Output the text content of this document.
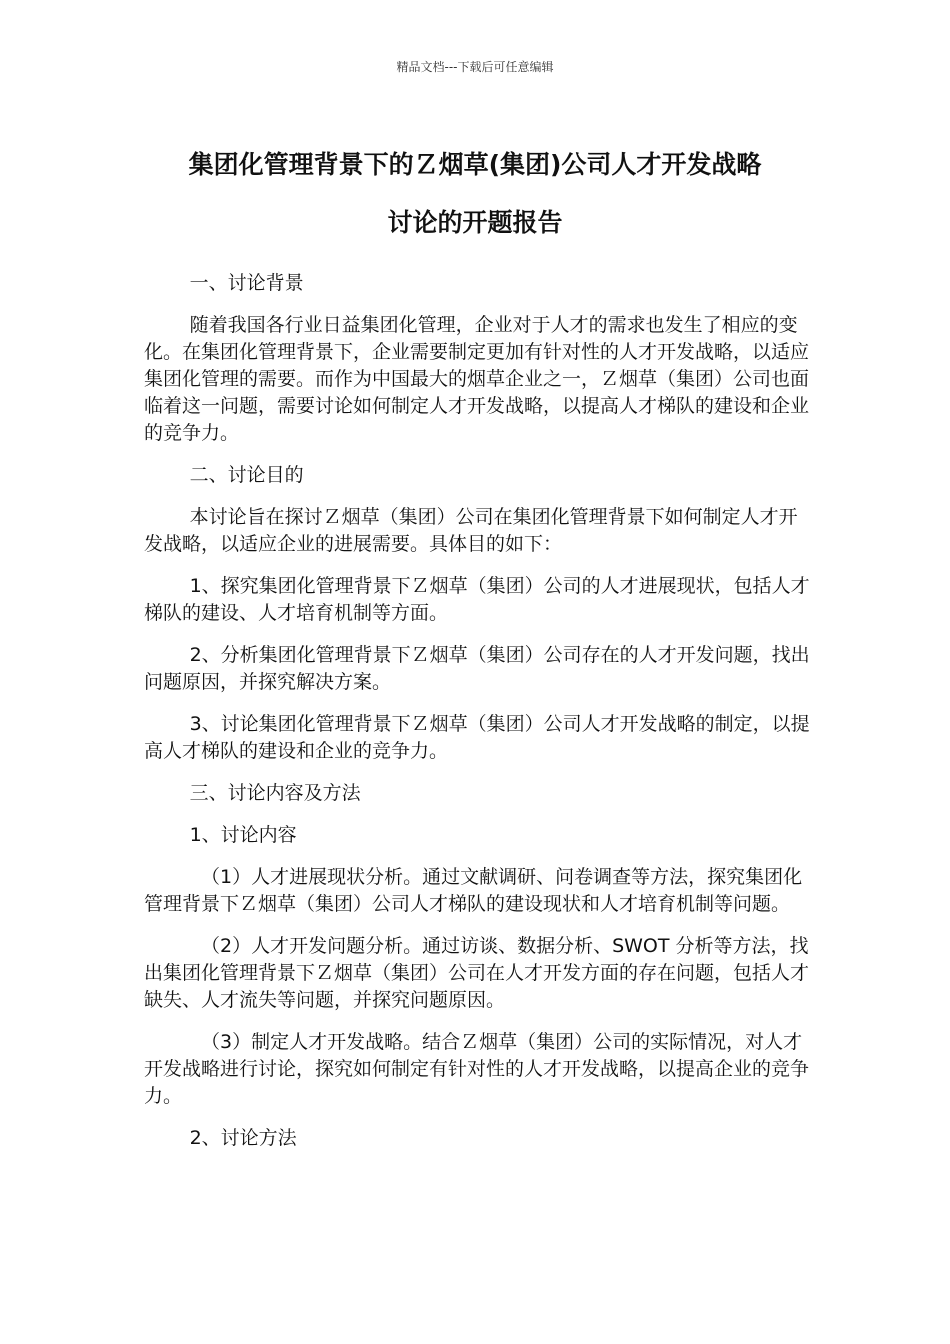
精品文档---下载后可任意编辑
集团化管理背景下的Ｚ烟草(集团)公司人才开发战略
讨论的开题报告

一、讨论背景

随着我国各行业日益集团化管理，企业对于人才的需求也发生了相应的变化。在集团化管理背景下，企业需要制定更加有针对性的人才开发战略，以适应集团化管理的需要。而作为中国最大的烟草企业之一，Ｚ烟草（集团）公司也面临着这一问题，需要讨论如何制定人才开发战略，以提高人才梯队的建设和企业的竞争力。

二、讨论目的

本讨论旨在探讨Ｚ烟草（集团）公司在集团化管理背景下如何制定人才开发战略，以适应企业的进展需要。具体目的如下：

1、探究集团化管理背景下Ｚ烟草（集团）公司的人才进展现状，包括人才梯队的建设、人才培育机制等方面。

2、分析集团化管理背景下Ｚ烟草（集团）公司存在的人才开发问题，找出问题原因，并探究解决方案。

3、讨论集团化管理背景下Ｚ烟草（集团）公司人才开发战略的制定，以提高人才梯队的建设和企业的竞争力。

三、讨论内容及方法

1、讨论内容

（1）人才进展现状分析。通过文献调研、问卷调查等方法，探究集团化管理背景下Ｚ烟草（集团）公司人才梯队的建设现状和人才培育机制等问题。

（2）人才开发问题分析。通过访谈、数据分析、SWOT 分析等方法，找出集团化管理背景下Ｚ烟草（集团）公司在人才开发方面的存在问题，包括人才缺失、人才流失等问题，并探究问题原因。

（3）制定人才开发战略。结合Ｚ烟草（集团）公司的实际情况，对人才开发战略进行讨论，探究如何制定有针对性的人才开发战略，以提高企业的竞争力。

2、讨论方法
